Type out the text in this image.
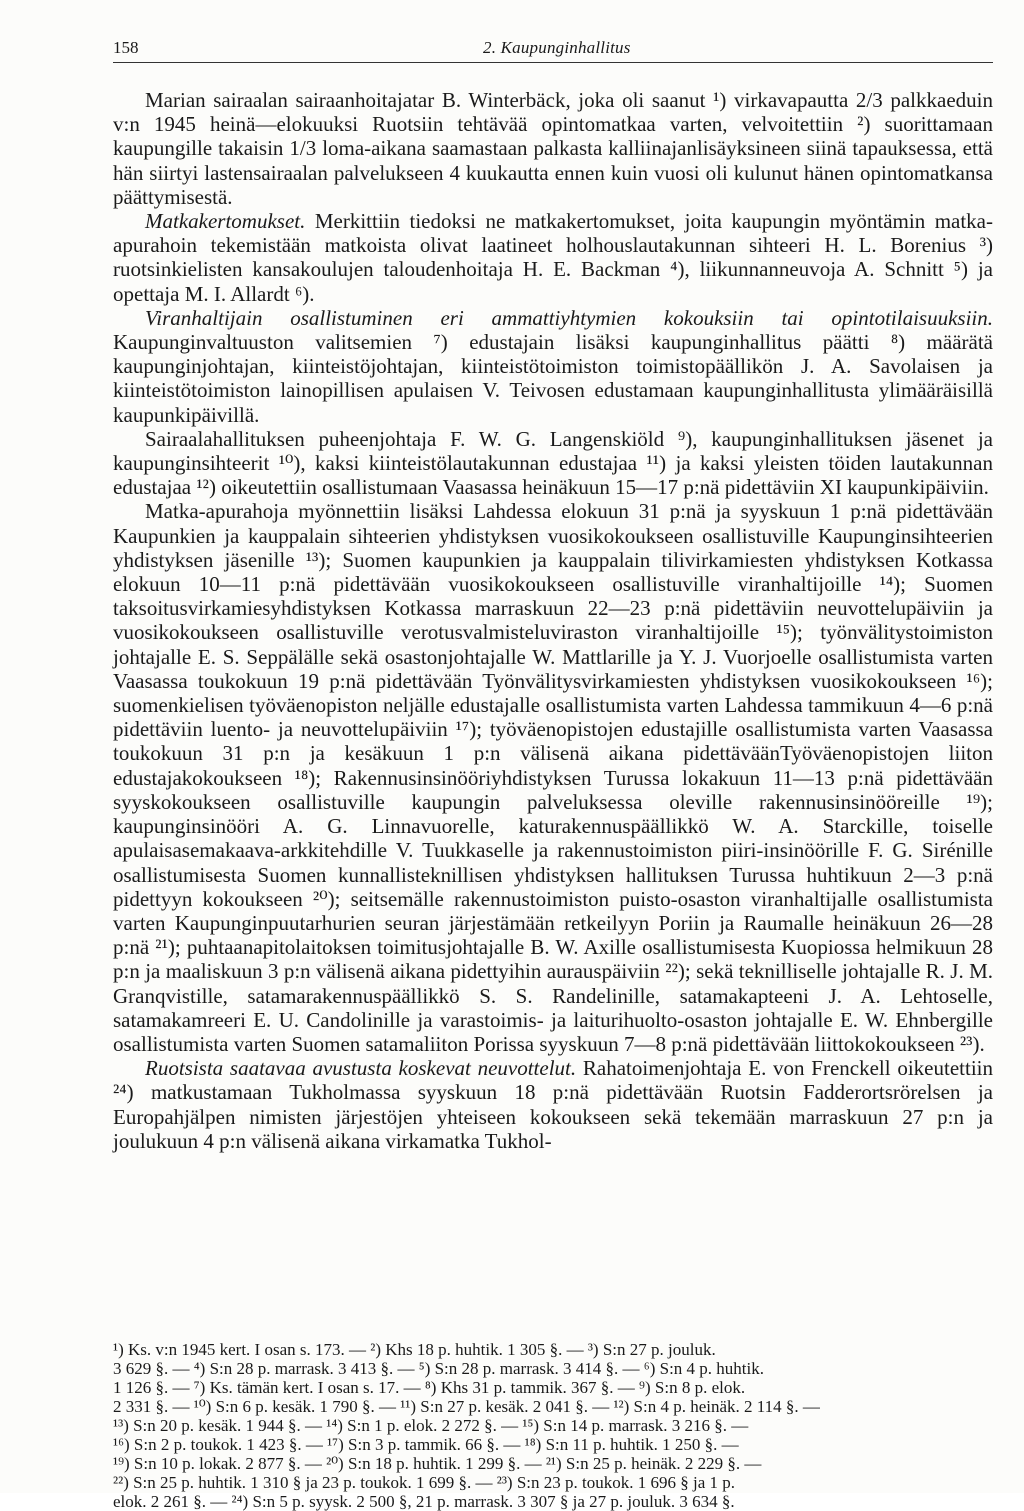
158	2. Kaupunginhallitus

Marian sairaalan sairaanhoitajatar B. Winterbäck, joka oli saanut ¹) virkavapautta 2/3 palkkaeduin v:n 1945 heinä—elokuuksi Ruotsiin tehtävää opintomatkaa varten, velvoitettiin ²) suorittamaan kaupungille takaisin 1/3 loma-aikana saamastaan palkasta kalliinajanlisäyksineen siinä tapauksessa, että hän siirtyi lastensairaalan palvelukseen 4 kuukautta ennen kuin vuosi oli kulunut hänen opintomatkansa päättymisestä.

Matkakertomukset. Merkittiin tiedoksi ne matkakertomukset, joita kaupungin myöntämin matka-apurahoin tekemistään matkoista olivat laatineet holhouslautakunnan sihteeri H. L. Borenius ³) ruotsinkielisten kansakoulujen taloudenhoitaja H. E. Backman ⁴), liikunnanneuvoja A. Schnitt ⁵) ja opettaja M. I. Allardt ⁶).

Viranhaltijain osallistuminen eri ammattiyhtymien kokouksiin tai opintotilaisuuksiin. Kaupunginvaltuuston valitsemien ⁷) edustajain lisäksi kaupunginhallitus päätti ⁸) määrätä kaupunginjohtajan, kiinteistöjohtajan, kiinteistötoimiston toimistopäällikön J. A. Savolaisen ja kiinteistötoimiston lainopillisen apulaisen V. Teivosen edustamaan kaupunginhallitusta ylimääräisillä kaupunkipäivillä.

Sairaalahallituksen puheenjohtaja F. W. G. Langenskiöld ⁹), kaupunginhallituksen jäsenet ja kaupunginsihteerit ¹⁰), kaksi kiinteistölautakunnan edustajaa ¹¹) ja kaksi yleisten töiden lautakunnan edustajaa ¹²) oikeutettiin osallistumaan Vaasassa heinäkuun 15—17 p:nä pidettäviin XI kaupunkipäiviin.

Matka-apurahoja myönnettiin lisäksi Lahdessa elokuun 31 p:nä ja syyskuun 1 p:nä pidettävään Kaupunkien ja kauppalain sihteerien yhdistyksen vuosikokoukseen osallistuville Kaupunginsihteerien yhdistyksen jäsenille ¹³); Suomen kaupunkien ja kauppalain tilivirkamiesten yhdistyksen Kotkassa elokuun 10—11 p:nä pidettävään vuosikokoukseen osallistuville viranhaltijoille ¹⁴); Suomen taksoitusvirkamiesyhdistyksen Kotkassa marraskuun 22—23 p:nä pidettäviin neuvottelupäiviin ja vuosikokoukseen osallistuville verotusvalmisteluviraston viranhaltijoille ¹⁵); työnvälitystoimiston johtajalle E. S. Seppälälle sekä osastonjohtajalle W. Mattlarille ja Y. J. Vuorjoelle osallistumista varten Vaasassa toukokuun 19 p:nä pidettävään Työnvälitysvirkamiesten yhdistyksen vuosikokoukseen ¹⁶); suomenkielisen työväenopiston neljälle edustajalle osallistumista varten Lahdessa tammikuun 4—6 p:nä pidettäviin luento- ja neuvottelupäiviin ¹⁷); työväenopistojen edustajille osallistumista varten Vaasassa toukokuun 31 p:n ja kesäkuun 1 p:n välisenä aikana pidettäväänTyöväenopistojen liiton edustajakokoukseen ¹⁸); Rakennusinsinööriyhdistyksen Turussa lokakuun 11—13 p:nä pidettävään syyskokoukseen osallistuville kaupungin palveluksessa oleville rakennusinsinööreille ¹⁹); kaupunginsinööri A. G. Linnavuorelle, katurakennuspäällikkö W. A. Starckille, toiselle apulaisasemakaava-arkkitehdille V. Tuukkaselle ja rakennustoimiston piiri-insinöörille F. G. Sirénille osallistumisesta Suomen kunnallisteknillisen yhdistyksen hallituksen Turussa huhtikuun 2—3 p:nä pidettyyn kokoukseen ²⁰); seitsemälle rakennustoimiston puisto-osaston viranhaltijalle osallistumista varten Kaupunginpuutarhurien seuran järjestämään retkeilyyn Poriin ja Raumalle heinäkuun 26—28 p:nä ²¹); puhtaanapitolaitoksen toimitusjohtajalle B. W. Axille osallistumisesta Kuopiossa helmikuun 28 p:n ja maaliskuun 3 p:n välisenä aikana pidettyihin aurauspäiviin ²²); sekä teknilliselle johtajalle R. J. M. Granqvistille, satamarakennuspäällikkö S. S. Randelinille, satamakapteeni J. A. Lehtoselle, satamakamreeri E. U. Candolinille ja varastoimis- ja laiturihuolto-osaston johtajalle E. W. Ehnbergille osallistumista varten Suomen satamaliiton Porissa syyskuun 7—8 p:nä pidettävään liittokokoukseen ²³).

Ruotsista saatavaa avustusta koskevat neuvottelut. Rahatoimenjohtaja E. von Frenckell oikeutettiin ²⁴) matkustamaan Tukholmassa syyskuun 18 p:nä pidettävään Ruotsin Fadderortsrörelsen ja Europahjälpen nimisten järjestöjen yhteiseen kokoukseen sekä tekemään marraskuun 27 p:n ja joulukuun 4 p:n välisenä aikana virkamatka Tukhol-

¹) Ks. v:n 1945 kert. I osan s. 173. — ²) Khs 18 p. huhtik. 1 305 §. — ³) S:n 27 p. jouluk.
3 629 §. — ⁴) S:n 28 p. marrask. 3 413 §. — ⁵) S:n 28 p. marrask. 3 414 §. — ⁶) S:n 4 p. huhtik.
1 126 §. — ⁷) Ks. tämän kert. I osan s. 17. — ⁸) Khs 31 p. tammik. 367 §. — ⁹) S:n 8 p. elok.
2 331 §. — ¹⁰) S:n 6 p. kesäk. 1 790 §. — ¹¹) S:n 27 p. kesäk. 2 041 §. — ¹²) S:n 4 p. heinäk. 2 114 §. —
¹³) S:n 20 p. kesäk. 1 944 §. — ¹⁴) S:n 1 p. elok. 2 272 §. — ¹⁵) S:n 14 p. marrask. 3 216 §. —
¹⁶) S:n 2 p. toukok. 1 423 §. — ¹⁷) S:n 3 p. tammik. 66 §. — ¹⁸) S:n 11 p. huhtik. 1 250 §. —
¹⁹) S:n 10 p. lokak. 2 877 §. — ²⁰) S:n 18 p. huhtik. 1 299 §. — ²¹) S:n 25 p. heinäk. 2 229 §. —
²²) S:n 25 p. huhtik. 1 310 § ja 23 p. toukok. 1 699 §. — ²³) S:n 23 p. toukok. 1 696 § ja 1 p.
elok. 2 261 §. — ²⁴) S:n 5 p. syysk. 2 500 §, 21 p. marrask. 3 307 § ja 27 p. jouluk. 3 634 §.
